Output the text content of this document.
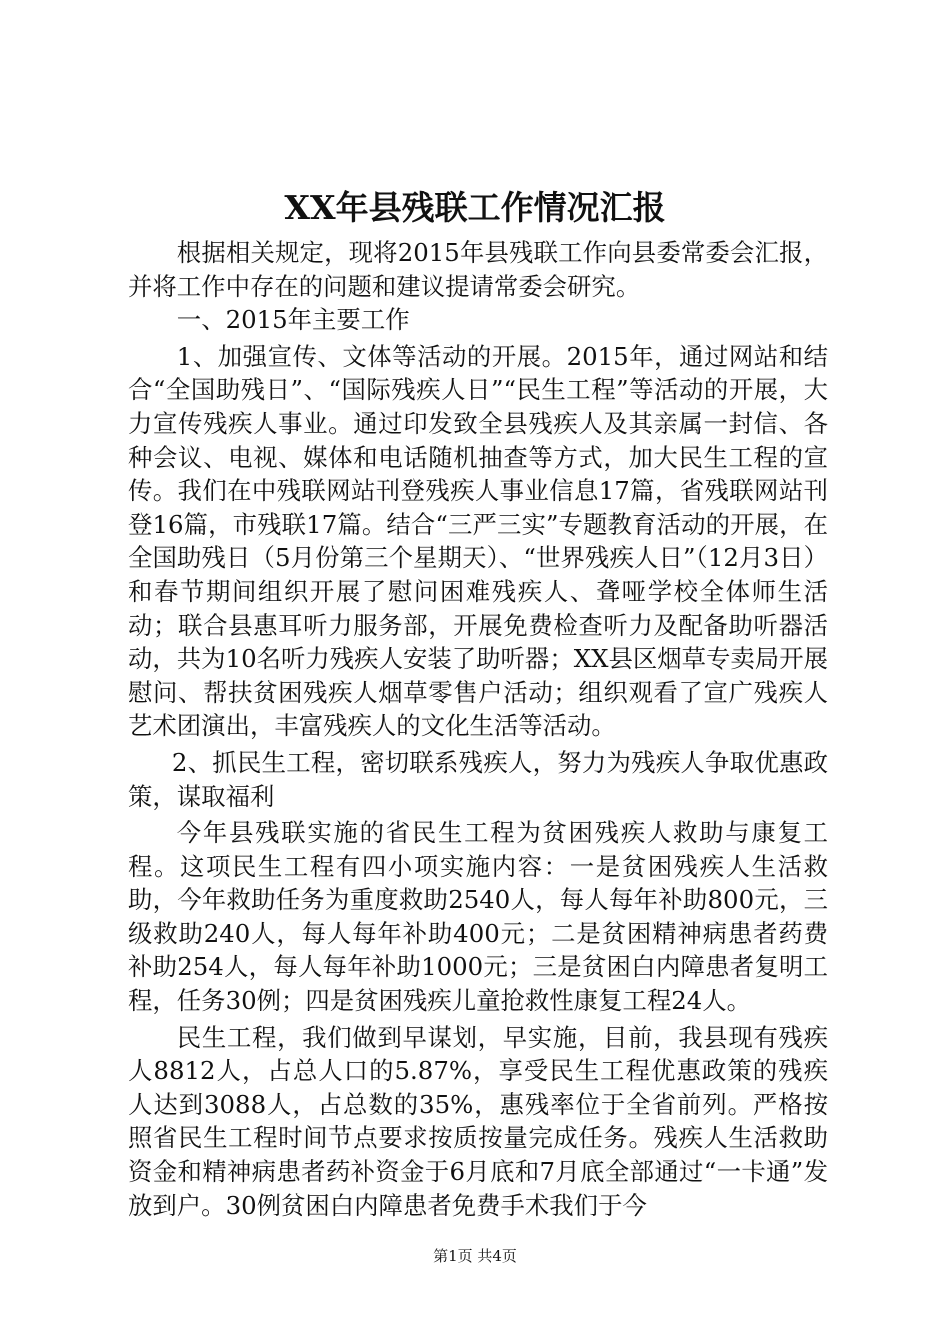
XX年县残联工作情况汇报

根据相关规定，现将2015年县残联工作向县委常委会汇报，并将工作中存在的问题和建议提请常委会研究。

一、2015年主要工作

1、加强宣传、文体等活动的开展。2015年，通过网站和结合“全国助残日”、“国际残疾人日”“民生工程”等活动的开展，大力宣传残疾人事业。通过印发致全县残疾人及其亲属一封信、各种会议、电视、媒体和电话随机抽查等方式，加大民生工程的宣传。我们在中残联网站刊登残疾人事业信息17篇，省残联网站刊登16篇，市残联17篇。结合“三严三实”专题教育活动的开展，在全国助残日（5月份第三个星期天）、“世界残疾人日”（12月3日）和春节期间组织开展了慰问困难残疾人、聋哑学校全体师生活动；联合县惠耳听力服务部，开展免费检查听力及配备助听器活动，共为10名听力残疾人安装了助听器；XX县区烟草专卖局开展慰问、帮扶贫困残疾人烟草零售户活动；组织观看了宣广残疾人艺术团演出，丰富残疾人的文化生活等活动。

2、抓民生工程，密切联系残疾人，努力为残疾人争取优惠政策，谋取福利

今年县残联实施的省民生工程为贫困残疾人救助与康复工程。这项民生工程有四小项实施内容：一是贫困残疾人生活救助，今年救助任务为重度救助2540人，每人每年补助800元，三级救助240人，每人每年补助400元；二是贫困精神病患者药费补助254人，每人每年补助1000元；三是贫困白内障患者复明工程，任务30例；四是贫困残疾儿童抢救性康复工程24人。

民生工程，我们做到早谋划，早实施，目前，我县现有残疾人8812人，占总人口的5.87%，享受民生工程优惠政策的残疾人达到3088人，占总数的35%，惠残率位于全省前列。严格按照省民生工程时间节点要求按质按量完成任务。残疾人生活救助资金和精神病患者药补资金于6月底和7月底全部通过“一卡通”发放到户。30例贫困白内障患者免费手术我们于今

第1页 共4页
